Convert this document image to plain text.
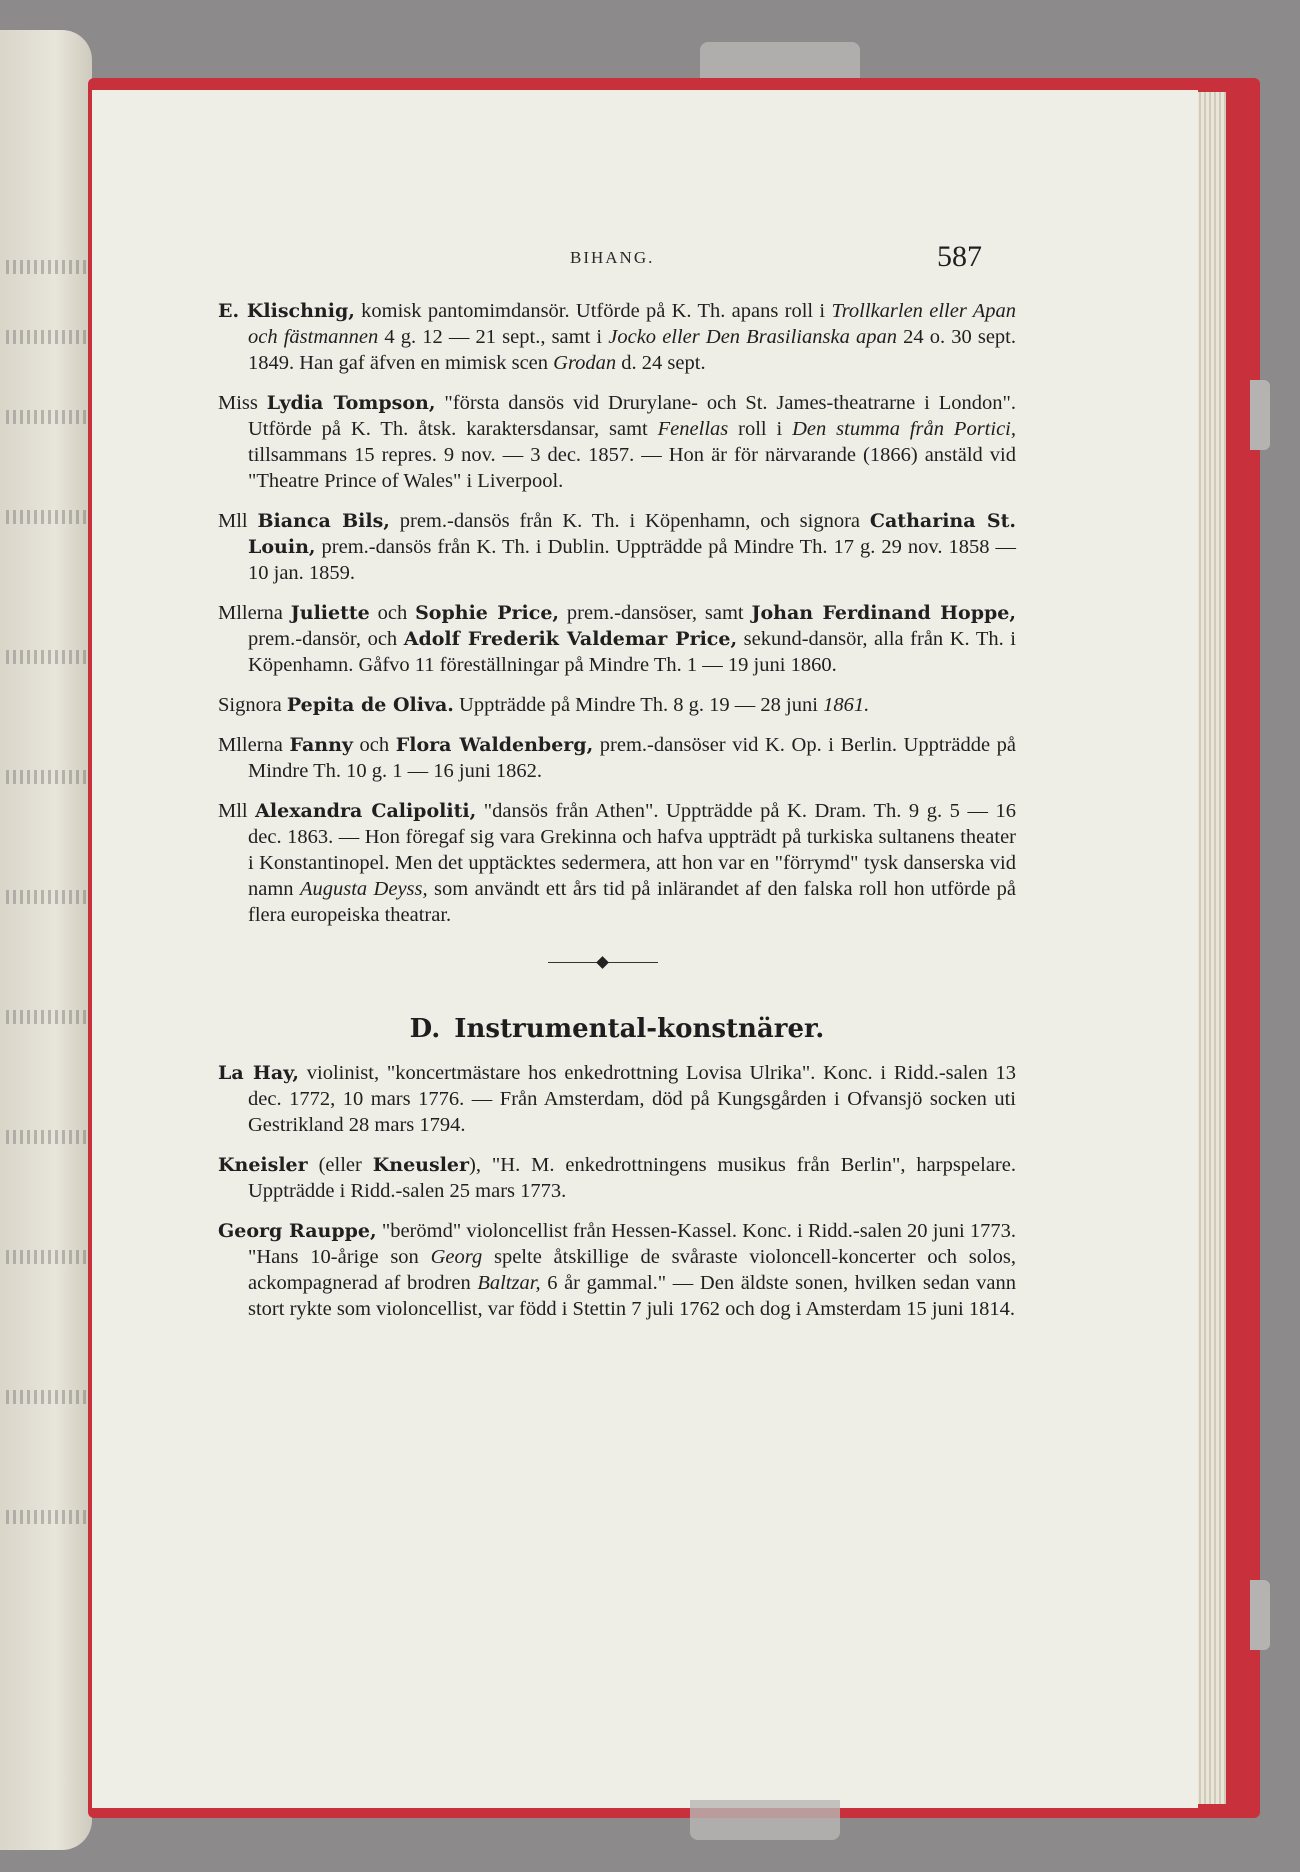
BIHANG.	587

E. Klischnig, komisk pantomimdansör. Utförde på K. Th. apans roll i Trollkarlen eller Apan och fästmannen 4 g. 12 — 21 sept., samt i Jocko eller Den Brasilianska apan 24 o. 30 sept. 1849. Han gaf äfven en mimisk scen Grodan d. 24 sept.

Miss Lydia Tompson, "första dansös vid Drurylane- och St. James-theatrarne i London". Utförde på K. Th. åtsk. karaktersdansar, samt Fenellas roll i Den stumma från Portici, tillsammans 15 repres. 9 nov. — 3 dec. 1857. — Hon är för närvarande (1866) anstäld vid "Theatre Prince of Wales" i Liverpool.

Mll Bianca Bils, prem.-dansös från K. Th. i Köpenhamn, och signora Catharina St. Louin, prem.-dansös från K. Th. i Dublin. Uppträdde på Mindre Th. 17 g. 29 nov. 1858 — 10 jan. 1859.

Mllerna Juliette och Sophie Price, prem.-dansöser, samt Johan Ferdinand Hoppe, prem.-dansör, och Adolf Frederik Valdemar Price, sekund-dansör, alla från K. Th. i Köpenhamn. Gåfvo 11 föreställningar på Mindre Th. 1 — 19 juni 1860.

Signora Pepita de Oliva. Uppträdde på Mindre Th. 8 g. 19 — 28 juni 1861.

Mllerna Fanny och Flora Waldenberg, prem.-dansöser vid K. Op. i Berlin. Uppträdde på Mindre Th. 10 g. 1 — 16 juni 1862.

Mll Alexandra Calipoliti, "dansös från Athen". Uppträdde på K. Dram. Th. 9 g. 5 — 16 dec. 1863. — Hon föregaf sig vara Grekinna och hafva uppträdt på turkiska sultanens theater i Konstantinopel. Men det upptäcktes sedermera, att hon var en "förrymd" tysk danserska vid namn Augusta Deyss, som användt ett års tid på inlärandet af den falska roll hon utförde på flera europeiska theatrar.

D. Instrumental-konstnärer.

La Hay, violinist, "koncertmästare hos enkedrottning Lovisa Ulrika". Konc. i Ridd.-salen 13 dec. 1772, 10 mars 1776. — Från Amsterdam, död på Kungsgården i Ofvansjö socken uti Gestrikland 28 mars 1794.

Kneisler (eller Kneusler), "H. M. enkedrottningens musikus från Berlin", harpspelare. Uppträdde i Ridd.-salen 25 mars 1773.

Georg Rauppe, "berömd" violoncellist från Hessen-Kassel. Konc. i Ridd.-salen 20 juni 1773. "Hans 10-årige son Georg spelte åtskillige de svåraste violoncell-koncerter och solos, ackompagnerad af brodren Baltzar, 6 år gammal." — Den äldste sonen, hvilken sedan vann stort rykte som violoncellist, var född i Stettin 7 juli 1762 och dog i Amsterdam 15 juni 1814.
